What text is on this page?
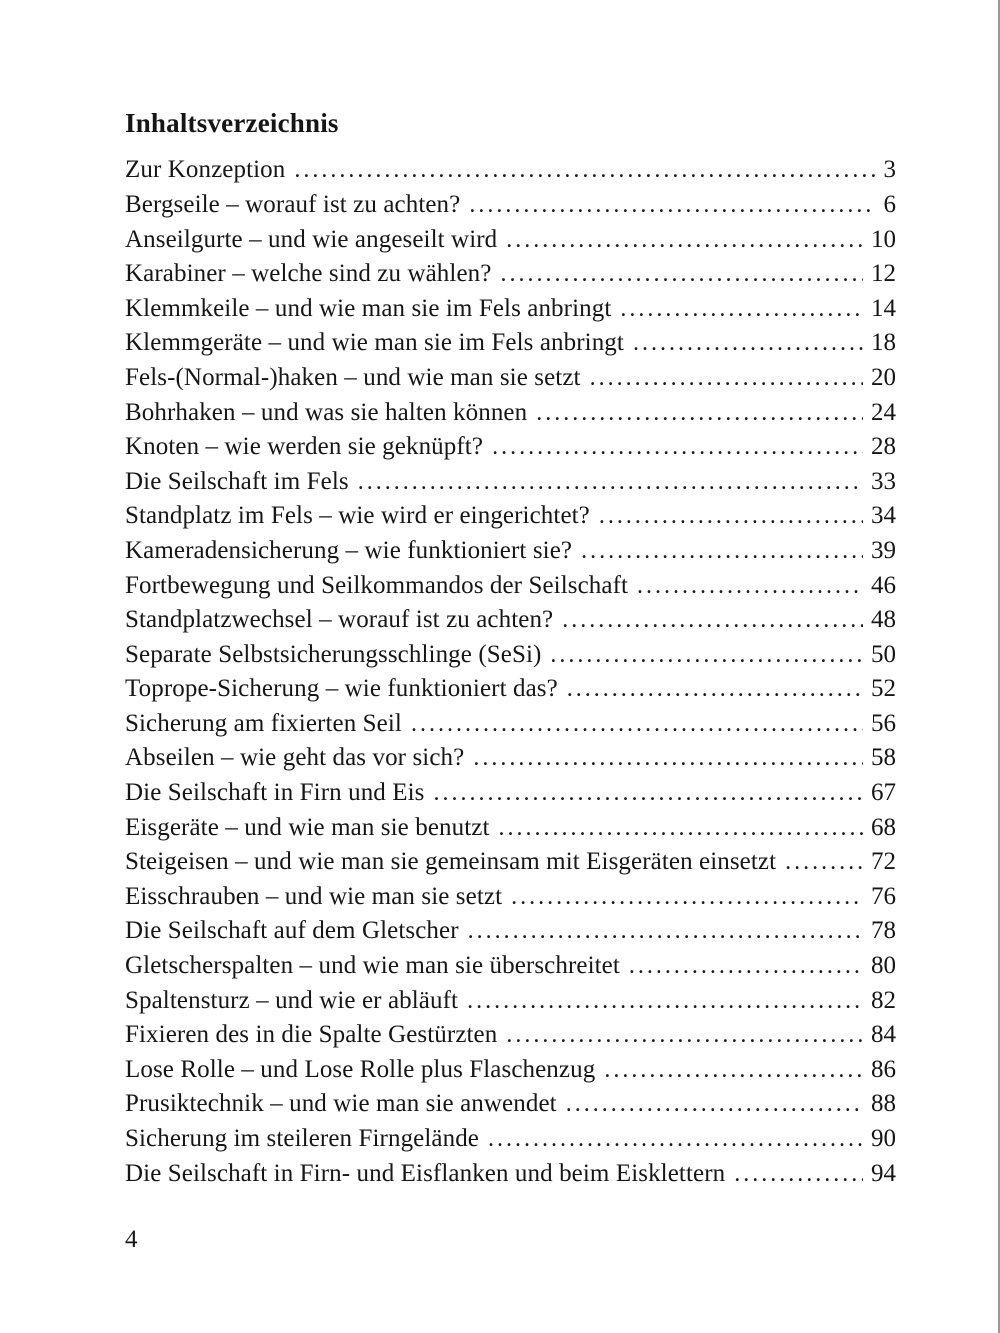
Inhaltsverzeichnis
Zur Konzeption .....	3
Bergseile – worauf ist zu achten? .....	6
Anseilgurte – und wie angeseilt wird .....	10
Karabiner – welche sind zu wählen? .....	12
Klemmkeile – und wie man sie im Fels anbringt .....	14
Klemmgeräte – und wie man sie im Fels anbringt .....	18
Fels-(Normal-)haken – und wie man sie setzt .....	20
Bohrhaken – und was sie halten können .....	24
Knoten – wie werden sie geknüpft? .....	28
Die Seilschaft im Fels .....	33
Standplatz im Fels – wie wird er eingerichtet? .....	34
Kameradensicherung – wie funktioniert sie? .....	39
Fortbewegung und Seilkommandos der Seilschaft .....	46
Standplatzwechsel – worauf ist zu achten? .....	48
Separate Selbstsicherungsschlinge (SeSi) .....	50
Toprope-Sicherung – wie funktioniert das? .....	52
Sicherung am fixierten Seil .....	56
Abseilen – wie geht das vor sich? .....	58
Die Seilschaft in Firn und Eis .....	67
Eisgeräte – und wie man sie benutzt .....	68
Steigeisen – und wie man sie gemeinsam mit Eisgeräten einsetzt .....	72
Eisschrauben – und wie man sie setzt .....	76
Die Seilschaft auf dem Gletscher .....	78
Gletscherspalten – und wie man sie überschreitet .....	80
Spaltensturz – und wie er abläuft .....	82
Fixieren des in die Spalte Gestürzten .....	84
Lose Rolle – und Lose Rolle plus Flaschenzug .....	86
Prusiktechnik – und wie man sie anwendet .....	88
Sicherung im steileren Firngelände .....	90
Die Seilschaft in Firn- und Eisflanken und beim Eisklettern .....	94
4
